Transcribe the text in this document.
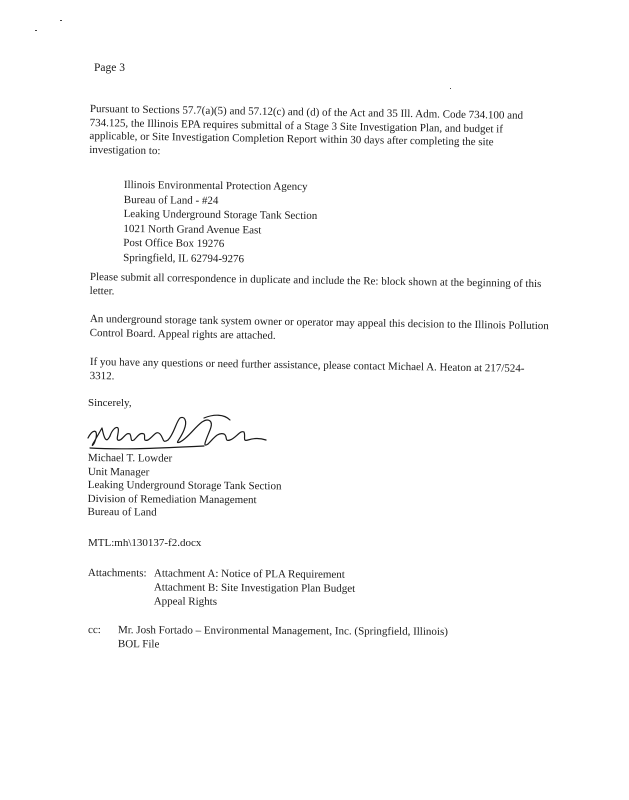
Page 3
Pursuant to Sections 57.7(a)(5) and 57.12(c) and (d) of the Act and 35 Ill. Adm. Code 734.100 and 734.125, the Illinois EPA requires submittal of a Stage 3 Site Investigation Plan, and budget if applicable, or Site Investigation Completion Report within 30 days after completing the site investigation to:
Illinois Environmental Protection Agency
Bureau of Land - #24
Leaking Underground Storage Tank Section
1021 North Grand Avenue East
Post Office Box 19276
Springfield, IL 62794-9276
Please submit all correspondence in duplicate and include the Re: block shown at the beginning of this letter.
An underground storage tank system owner or operator may appeal this decision to the Illinois Pollution Control Board. Appeal rights are attached.
If you have any questions or need further assistance, please contact Michael A. Heaton at 217/524-3312.
Sincerely,
Michael T. Lowder
Unit Manager
Leaking Underground Storage Tank Section
Division of Remediation Management
Bureau of Land
MTL:mh\130137-f2.docx
Attachments: Attachment A: Notice of PLA Requirement
Attachment B: Site Investigation Plan Budget
Appeal Rights
cc: Mr. Josh Fortado – Environmental Management, Inc. (Springfield, Illinois)
BOL File
